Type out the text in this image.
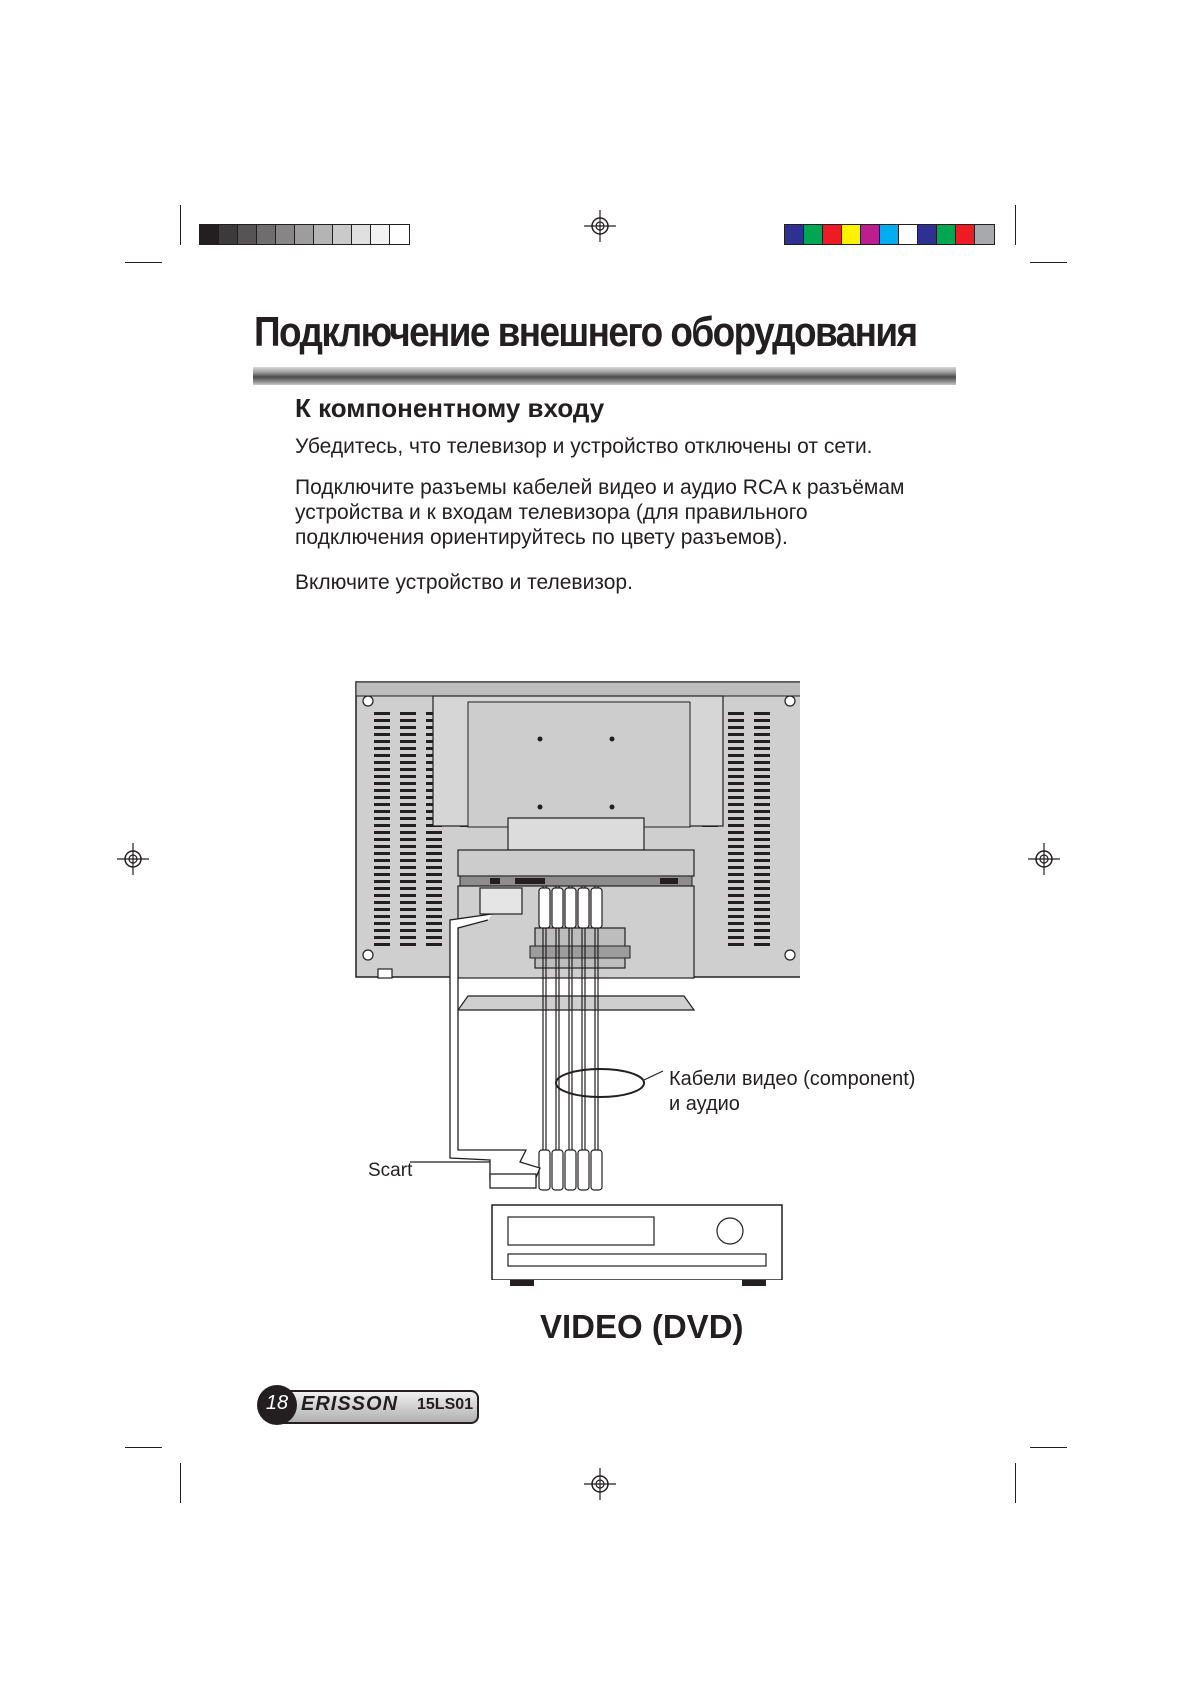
Подключение внешнего оборудования
К компонентному входу
Убедитесь, что телевизор и устройство отключены от сети.
Подключите разъемы кабелей видео и аудио RCA к разъёмам
устройства и к входам телевизора (для правильного
подключения ориентируйтесь по цвету разъемов).
Включите устройство и телевизор.
Кабели видео (component)
и аудио
Scart
VIDEO (DVD)
18 ERISSON 15LS01
